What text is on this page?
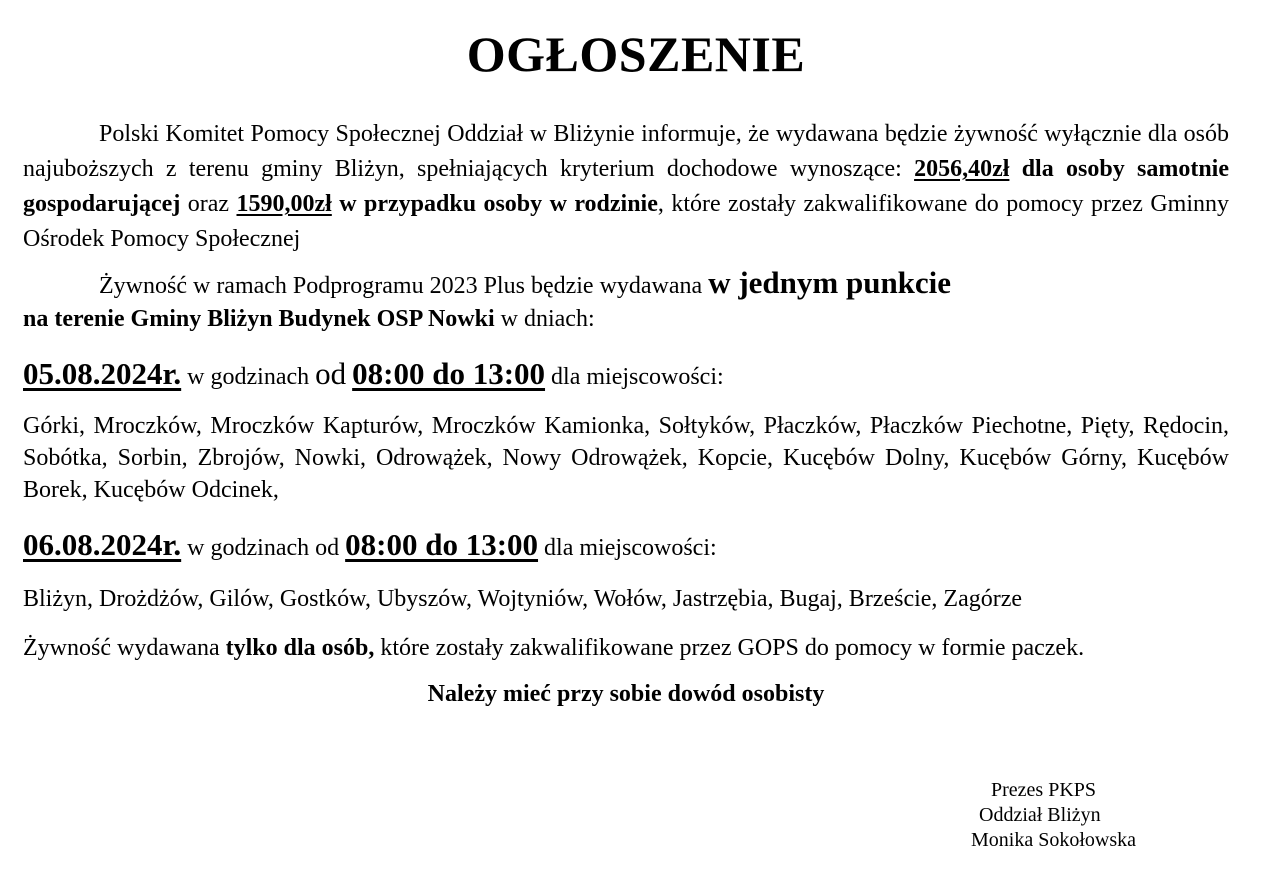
OGŁOSZENIE

Polski Komitet Pomocy Społecznej Oddział w Bliżynie informuje, że wydawana będzie żywność wyłącznie dla osób najuboższych z terenu gminy Bliżyn, spełniających kryterium dochodowe wynoszące: 2056,40zł dla osoby samotnie gospodarującej oraz 1590,00zł w przypadku osoby w rodzinie, które zostały zakwalifikowane do pomocy przez Gminny Ośrodek Pomocy Społecznej

Żywność w ramach Podprogramu 2023 Plus będzie wydawana w jednym punkcie

na terenie Gminy Bliżyn Budynek OSP Nowki w dniach:

05.08.2024r. w godzinach od 08:00 do 13:00 dla miejscowości:

Górki, Mroczków, Mroczków Kapturów, Mroczków Kamionka, Sołtyków, Płaczków, Płaczków Piechotne, Pięty, Rędocin, Sobótka, Sorbin, Zbrojów, Nowki, Odrowążek, Nowy Odrowążek, Kopcie, Kucębów Dolny, Kucębów Górny, Kucębów Borek, Kucębów Odcinek,

06.08.2024r. w godzinach od 08:00 do 13:00 dla miejscowości:

Bliżyn, Drożdżów, Gilów, Gostków, Ubyszów, Wojtyniów, Wołów, Jastrzębia, Bugaj, Brzeście, Zagórze

Żywność wydawana tylko dla osób, które zostały zakwalifikowane przez GOPS do pomocy w formie paczek.

Należy mieć przy sobie dowód osobisty

Prezes PKPS

Oddział Bliżyn

Monika Sokołowska
